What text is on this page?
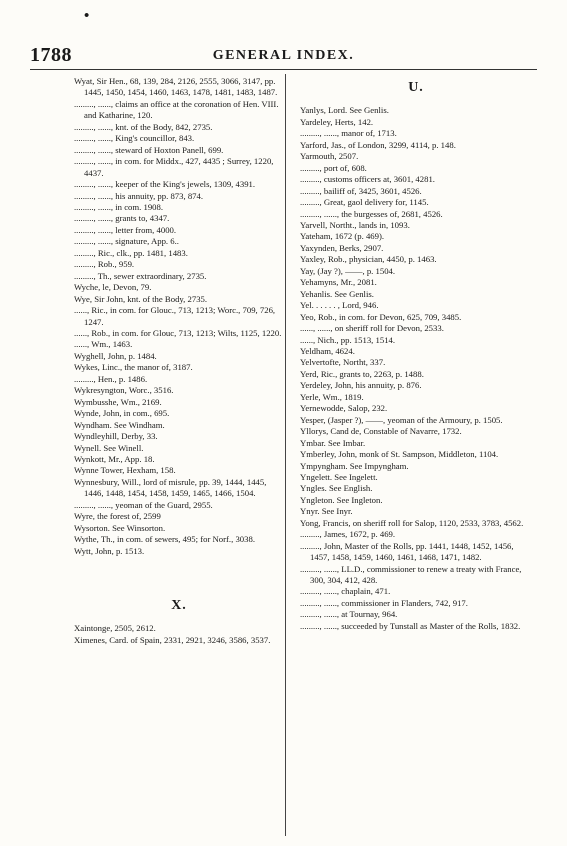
•
1788	GENERAL INDEX.

Wyat, Sir Hen., 68, 139, 284, 2126, 2555, 3066, 3147, pp. 1445, 1450, 1454, 1460, 1463, 1478, 1481, 1483, 1487.

........., ......, claims an office at the coronation of Hen. VIII. and Katharine, 120.

........., ......, knt. of the Body, 842, 2735.

........., ......, King's councillor, 843.

........., ......, steward of Hoxton Panell, 699.

........., ......, in com. for Middx., 427, 4435 ; Surrey, 1220, 4437.

........., ......, keeper of the King's jewels, 1309, 4391.

........., ......, his annuity, pp. 873, 874.

........., ......, in com. 1908.

........., ......, grants to, 4347.

........., ......, letter from, 4000.

........., ......, signature, App. 6..

........., Ric., clk., pp. 1481, 1483.

........., Rob., 959.

........., Th., sewer extraordinary, 2735.

Wyche, le, Devon, 79.

Wye, Sir John, knt. of the Body, 2735.

......, Ric., in com. for Glouc., 713, 1213; Worc., 709, 726, 1247.

......, Rob., in com. for Glouc, 713, 1213; Wilts, 1125, 1220.

......, Wm., 1463.

Wyghell, John, p. 1484.

Wykes, Linc., the manor of, 3187.

........., Hen., p. 1486.

Wykresyngton, Worc., 3516.

Wymbusshe, Wm., 2169.

Wynde, John, in com., 695.

Wyndham. See Windham.

Wyndleyhill, Derby, 33.

Wynell. See Winell.

Wynkott, Mr., App. 18.

Wynne Tower, Hexham, 158.

Wynnesbury, Will., lord of misrule, pp. 39, 1444, 1445, 1446, 1448, 1454, 1458, 1459, 1465, 1466, 1504.

........., ......, yeoman of the Guard, 2955.

Wyre, the forest of, 2599

Wysorton. See Winsorton.

Wythe, Th., in com. of sewers, 495; for Norf., 3038.

Wytt, John, p. 1513.

X.

Xaintonge, 2505, 2612.

Ximenes, Card. of Spain, 2331, 2921, 3246, 3586, 3537.

U.

Yanlys, Lord. See Genlis.

Yardeley, Herts, 142.

........., ......, manor of, 1713.

Yarford, Jas., of London, 3299, 4114, p. 148.

Yarmouth, 2507.

........., port of, 608.

........., customs officers at, 3601, 4281.

........., bailiff of, 3425, 3601, 4526.

........., Great, gaol delivery for, 1145.

........., ......, the burgesses of, 2681, 4526.

Yarvell, Northt., lands in, 1093.

Yateham, 1672 (p. 469).

Yaxynden, Berks, 2907.

Yaxley, Rob., physician, 4450, p. 1463.

Yay, (Jay ?), ——, p. 1504.

Yehamyns, Mr., 2081.

Yehanlis. See Genlis.

Yel. . . . . . , Lord, 946.

Yeo, Rob., in com. for Devon, 625, 709, 3485.

......, ......, on sheriff roll for Devon, 2533.

......, Nich., pp. 1513, 1514.

Yeldham, 4624.

Yelvertofte, Northt, 337.

Yerd, Ric., grants to, 2263, p. 1488.

Yerdeley, John, his annuity, p. 876.

Yerle, Wm., 1819.

Yernewodde, Salop, 232.

Yesper, (Jasper ?), ——, yeoman of the Armoury, p. 1505.

Yllorys, Cand de, Constable of Navarre, 1732.

Ymbar. See Imbar.

Ymberley, John, monk of St. Sampson, Middleton, 1104.

Ympyngham. See Impyngham.

Yngelett. See Ingelett.

Yngles. See English.

Yngleton. See Ingleton.

Ynyr. See Inyr.

Yong, Francis, on sheriff roll for Salop, 1120, 2533, 3783, 4562.

........., James, 1672, p. 469.

........., John, Master of the Rolls, pp. 1441, 1448, 1452, 1456, 1457, 1458, 1459, 1460, 1461, 1468, 1471, 1482.

........., ......, LL.D., commissioner to renew a treaty with France, 300, 304, 412, 428.

........., ......, chaplain, 471.

........., ......, commissioner in Flanders, 742, 917.

........., ......, at Tournay, 964.

........., ......, succeeded by Tunstall as Master of the Rolls, 1832.
